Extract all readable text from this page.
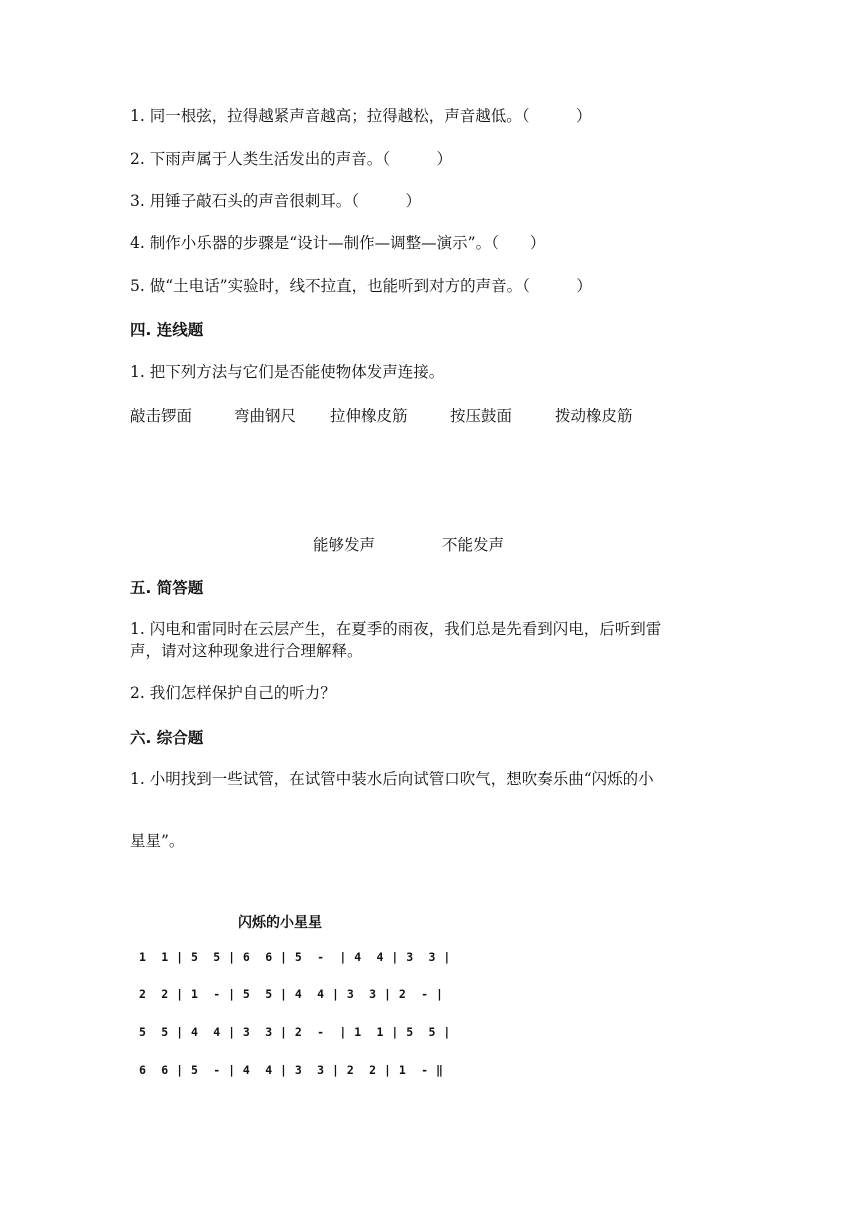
1. 同一根弦，拉得越紧声音越高；拉得越松，声音越低。（　　　）
2. 下雨声属于人类生活发出的声音。（　　　）
3. 用锤子敲石头的声音很刺耳。（　　　）
4. 制作小乐器的步骤是“设计—制作—调整—演示”。（　　）
5. 做“土电话”实验时，线不拉直，也能听到对方的声音。（　　　）
四. 连线题
1. 把下列方法与它们是否能使物体发声连接。
敲击锣面	弯曲钢尺 拉伸橡皮筋	按压鼓面	拨动橡皮筋
能够发声	不能发声
五. 简答题
1. 闪电和雷同时在云层产生，在夏季的雨夜，我们总是先看到闪电，后听到雷
声，请对这种现象进行合理解释。
2. 我们怎样保护自己的听力？
六. 综合题
1. 小明找到一些试管，在试管中装水后向试管口吹气，想吹奏乐曲“闪烁的小
星星”。
闪烁的小星星
1  1 | 5  5 | 6  6 | 5  -  | 4  4 | 3  3 |
2  2 | 1  - | 5  5 | 4  4 | 3  3 | 2  - |
5  5 | 4  4 | 3  3 | 2  -  | 1  1 | 5  5 |
6  6 | 5  - | 4  4 | 3  3 | 2  2 | 1  - ‖
